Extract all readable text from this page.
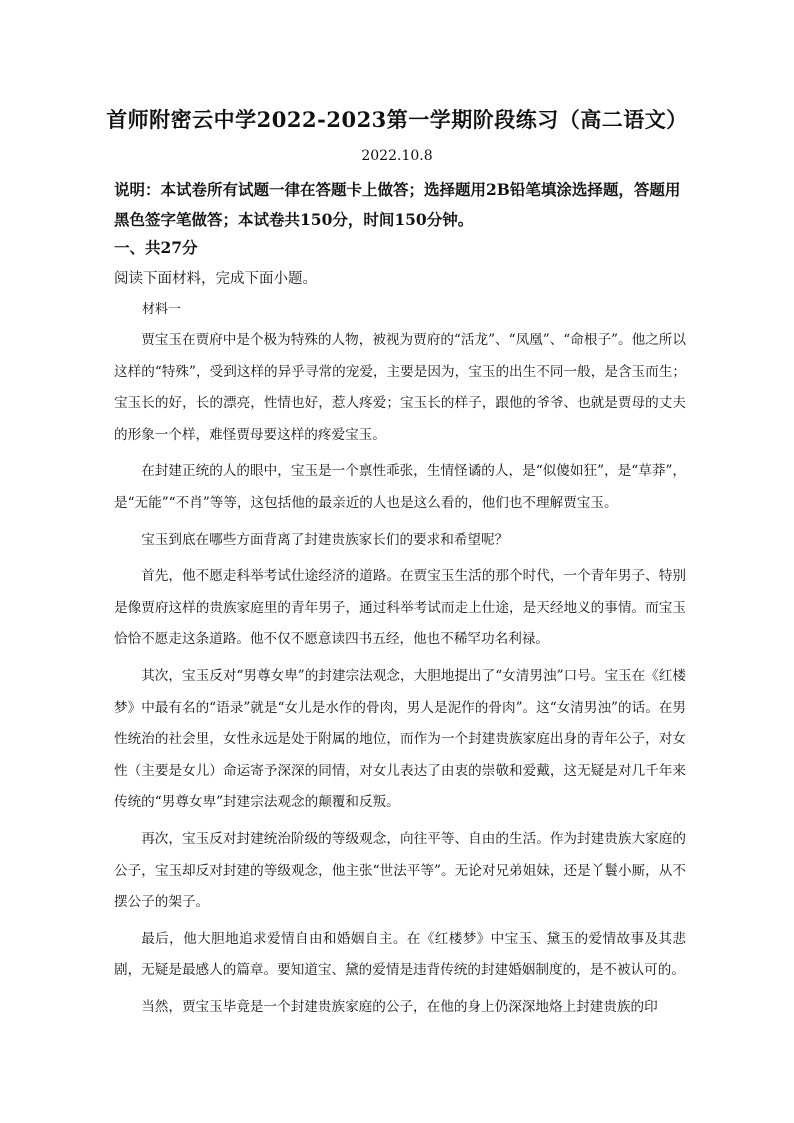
首师附密云中学2022-2023第一学期阶段练习（高二语文）
2022.10.8
说明：本试卷所有试题一律在答题卡上做答；选择题用2B铅笔填涂选择题，答题用黑色签字笔做答；本试卷共150分，时间150分钟。
一、共27分
阅读下面材料，完成下面小题。
材料一

贾宝玉在贾府中是个极为特殊的人物，被视为贾府的“活龙”、“凤凰”、“命根子”。他之所以这样的“特殊”，受到这样的异乎寻常的宠爱，主要是因为，宝玉的出生不同一般，是含玉而生；宝玉长的好，长的漂亮，性情也好，惹人疼爱；宝玉长的样子，跟他的爷爷、也就是贾母的丈夫的形象一个样，难怪贾母要这样的疼爱宝玉。

在封建正统的人的眼中，宝玉是一个禀性乖张，生情怪谲的人，是“似傻如狂”，是“草莽”，是“无能”“不肖”等等，这包括他的最亲近的人也是这么看的，他们也不理解贾宝玉。

宝玉到底在哪些方面背离了封建贵族家长们的要求和希望呢？

首先，他不愿走科举考试仕途经济的道路。在贾宝玉生活的那个时代，一个青年男子、特别是像贾府这样的贵族家庭里的青年男子，通过科举考试而走上仕途，是天经地义的事情。而宝玉恰恰不愿走这条道路。他不仅不愿意读四书五经，他也不稀罕功名利禄。

其次，宝玉反对“男尊女卑”的封建宗法观念，大胆地提出了“女清男浊”口号。宝玉在《红楼梦》中最有名的“语录”就是“女儿是水作的骨肉，男人是泥作的骨肉”。这“女清男浊”的话。在男性统治的社会里，女性永远是处于附属的地位，而作为一个封建贵族家庭出身的青年公子，对女性（主要是女儿）命运寄予深深的同情，对女儿表达了由衷的崇敬和爱戴，这无疑是对几千年来传统的“男尊女卑”封建宗法观念的颠覆和反叛。

再次，宝玉反对封建统治阶级的等级观念，向往平等、自由的生活。作为封建贵族大家庭的公子，宝玉却反对封建的等级观念，他主张“世法平等”。无论对兄弟姐妹，还是丫鬟小厮，从不摆公子的架子。

最后，他大胆地追求爱情自由和婚姻自主。在《红楼梦》中宝玉、黛玉的爱情故事及其悲剧，无疑是最感人的篇章。要知道宝、黛的爱情是违背传统的封建婚姻制度的，是不被认可的。

当然，贾宝玉毕竟是一个封建贵族家庭的公子，在他的身上仍深深地烙上封建贵族的印
